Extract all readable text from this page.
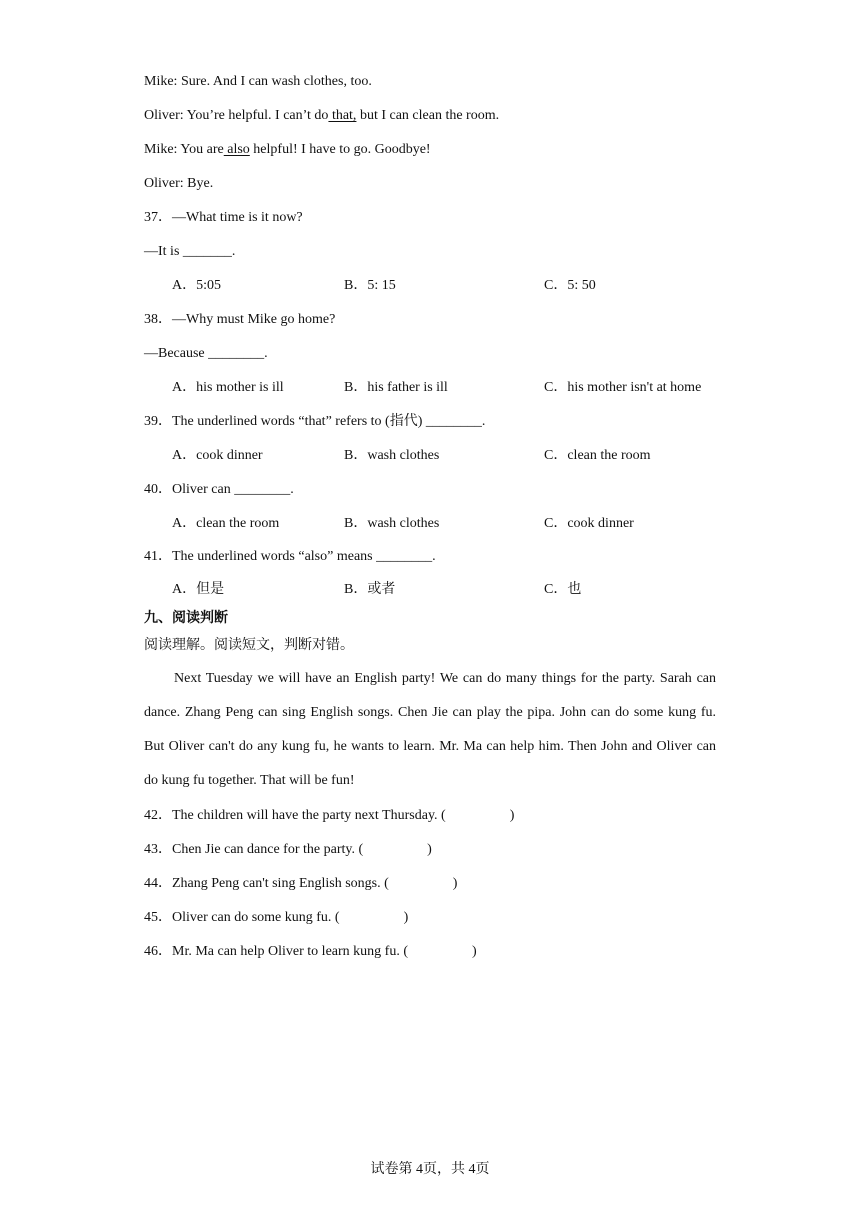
Mike: Sure. And I can wash clothes, too.
Oliver: You’re helpful. I can’t do that, but I can clean the room.
Mike: You are also helpful! I have to go. Goodbye!
Oliver: Bye.
37．—What time is it now?
—It is _______.
A．5:05	B．5: 15	C．5: 50
38．—Why must Mike go home?
—Because ________.
A．his mother is ill	B．his father is ill	C．his mother isn't at home
39．The underlined words “that” refers to (指代) ________.
A．cook dinner	B．wash clothes	C．clean the room
40．Oliver can ________.
A．clean the room	B．wash clothes	C．cook dinner
41．The underlined words “also” means ________.
A．但是	B．或者	C．也
九、阅读判断
阅读理解。阅读短文，判断对错。
Next Tuesday we will have an English party! We can do many things for the party. Sarah can dance. Zhang Peng can sing English songs. Chen Jie can play the pipa. John can do some kung fu. But Oliver can't do any kung fu, he wants to learn. Mr. Ma can help him. Then John and Oliver can do kung fu together. That will be fun!
42．The children will have the party next Thursday. (	)
43．Chen Jie can dance for the party. (	)
44．Zhang Peng can't sing English songs. (	)
45．Oliver can do some kung fu. (	)
46．Mr. Ma can help Oliver to learn kung fu. (	)
试卷第 4页，共 4页
